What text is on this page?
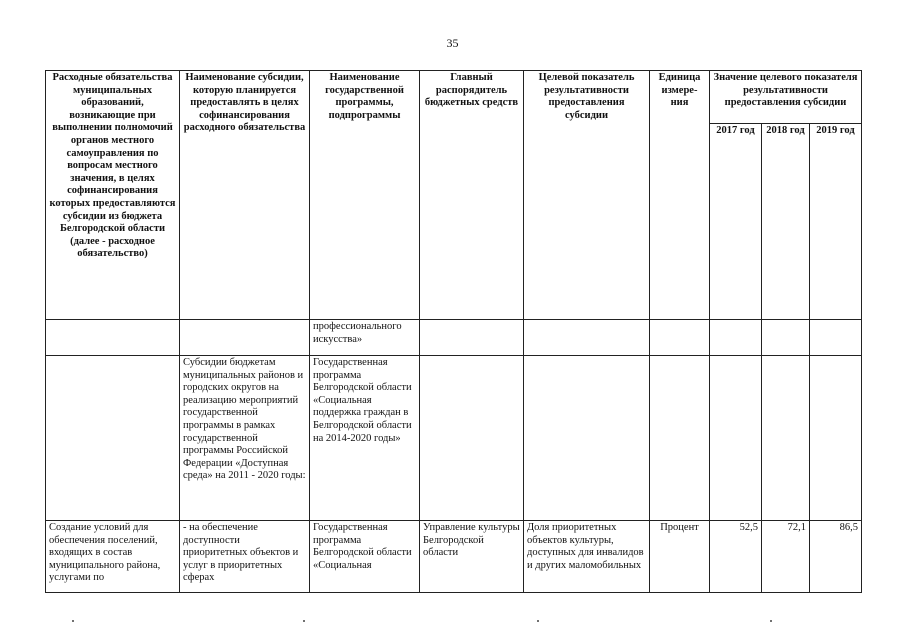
35
Расходные обязательства муниципальных образований, возникающие при выполнении полномочий органов местного самоуправления по вопросам местного значения, в целях софинансирования которых предоставляются субсидии из бюджета Белгородской области (далее - расходное обязательство)	Наименование субсидии, которую планируется предоставлять в целях софинансирования расходного обязательства	Наименование государственной программы, подпрограммы	Главный распорядитель бюджетных средств	Целевой показатель результативности предоставления субсидии	Единица измере-ния	Значение целевого показателя результативности предоставления субсидии		
						2017 год	2018 год	2019 год
		профессионального искусства»						
	Субсидии бюджетам муниципальных районов и городских округов на реализацию мероприятий государственной программы в рамках государственной программы Российской Федерации «Доступная среда» на 2011 - 2020 годы:	Государственная программа Белгородской области «Социальная поддержка граждан в Белгородской области на 2014-2020 годы»						
Создание условий для обеспечения поселений, входящих в состав муниципального района, услугами по	- на обеспечение доступности приоритетных объектов и услуг в приоритетных сферах	Государственная программа Белгородской области «Социальная	Управление культуры Белгородской области	Доля приоритетных объектов культуры, доступных для инвалидов и других маломобильных	Процент	52,5	72,1	86,5
